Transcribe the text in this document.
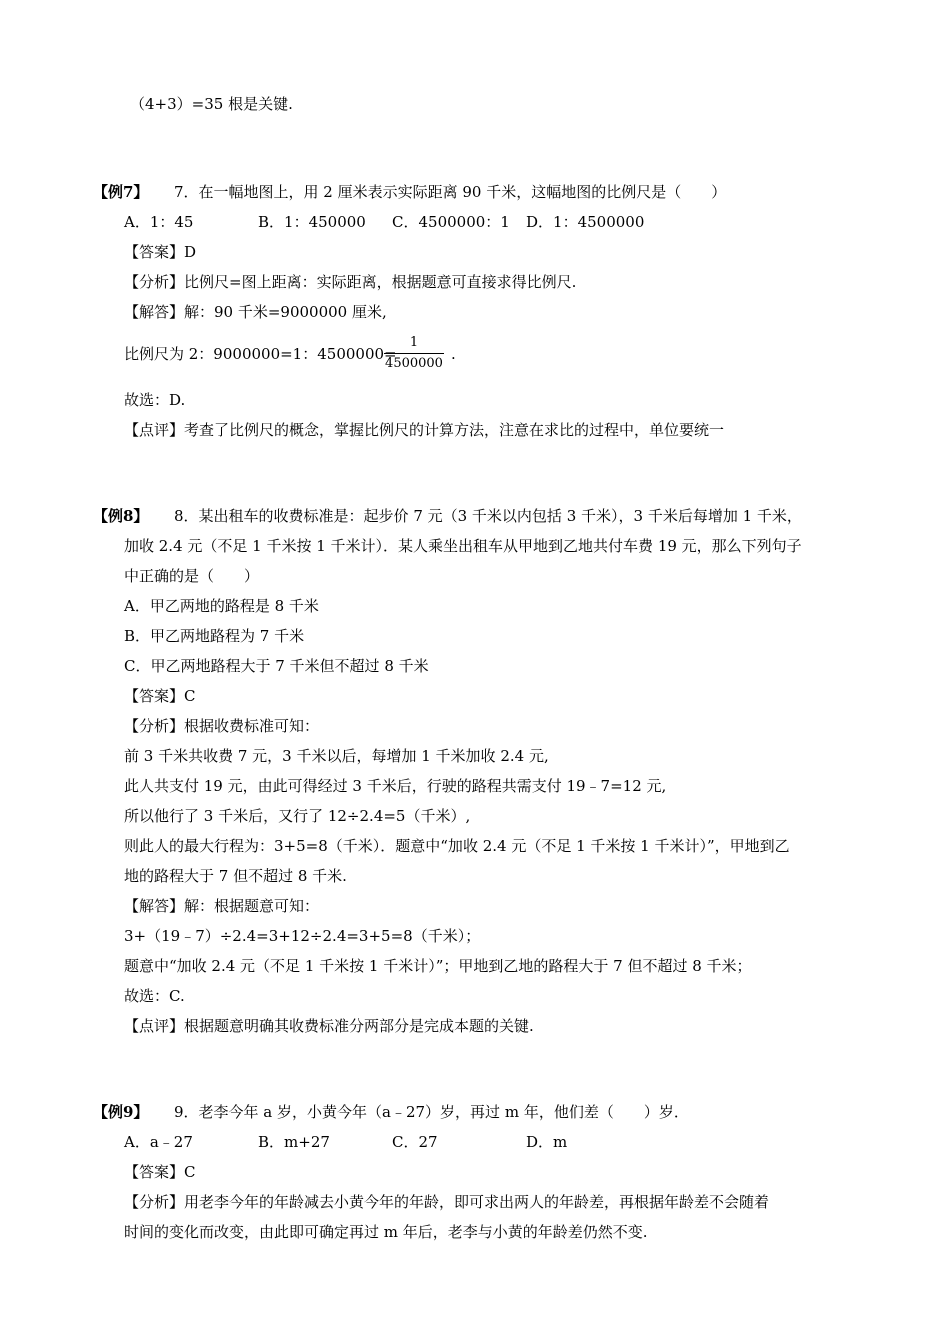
（4+3）=35 根是关键.
【例7】 7．在一幅地图上，用 2 厘米表示实际距离 90 千米，这幅地图的比例尺是（　　）
A．1：45	B．1：450000 C．4500000：1 D．1：4500000
【答案】D
【分析】比例尺=图上距离：实际距离，根据题意可直接求得比例尺.
【解答】解：90 千米=9000000 厘米,
比例尺为 2：9000000=1：4500000=
1
4500000
.
故选：D.
【点评】考查了比例尺的概念，掌握比例尺的计算方法，注意在求比的过程中，单位要统一
【例8】 8．某出租车的收费标准是：起步价 7 元（3 千米以内包括 3 千米），3 千米后每增加 1 千米，
加收 2.4 元（不足 1 千米按 1 千米计）．某人乘坐出租车从甲地到乙地共付车费 19 元，那么下列句子
中正确的是（　　）
A．甲乙两地的路程是 8 千米
B．甲乙两地路程为 7 千米
C．甲乙两地路程大于 7 千米但不超过 8 千米
【答案】C
【分析】根据收费标准可知：
前 3 千米共收费 7 元，3 千米以后，每增加 1 千米加收 2.4 元,
此人共支付 19 元，由此可得经过 3 千米后，行驶的路程共需支付 19﹣7=12 元,
所以他行了 3 千米后，又行了 12÷2.4=5（千米）,
则此人的最大行程为：3+5=8（千米）．题意中“加收 2.4 元（不足 1 千米按 1 千米计）”，甲地到乙
地的路程大于 7 但不超过 8 千米.
【解答】解：根据题意可知：
3+（19﹣7）÷2.4=3+12÷2.4=3+5=8（千米）；
题意中“加收 2.4 元（不足 1 千米按 1 千米计）”；甲地到乙地的路程大于 7 但不超过 8 千米；
故选：C.
【点评】根据题意明确其收费标准分两部分是完成本题的关键.
【例9】 9．老李今年 a 岁，小黄今年（a﹣27）岁，再过 m 年，他们差（　　）岁．
A．a﹣27	B．m+27	C．27	D．m
【答案】C
【分析】用老李今年的年龄减去小黄今年的年龄，即可求出两人的年龄差，再根据年龄差不会随着
时间的变化而改变，由此即可确定再过 m 年后，老李与小黄的年龄差仍然不变.
